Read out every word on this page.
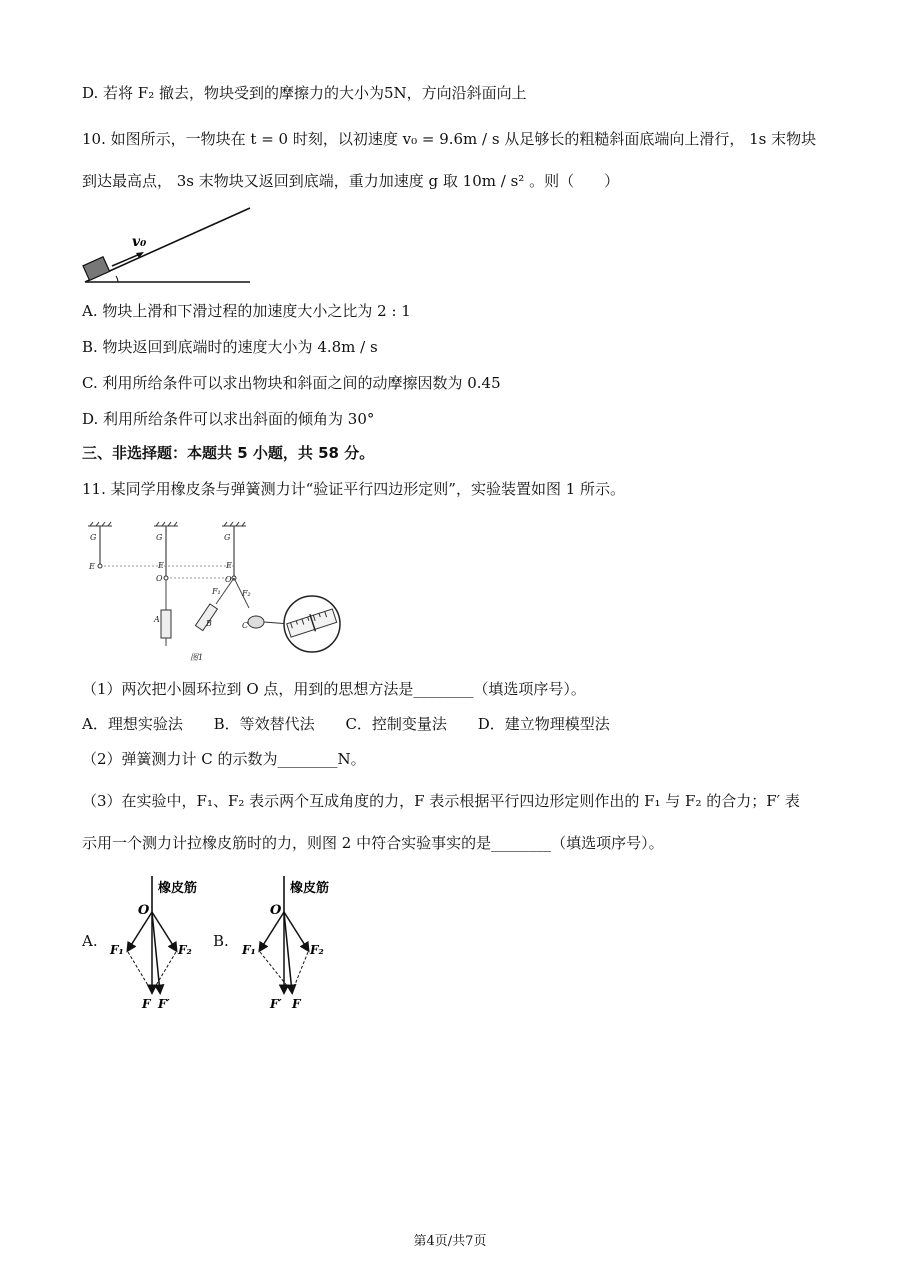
D. 若将 F₂ 撤去，物块受到的摩擦力的大小为5N，方向沿斜面向上
10. 如图所示，一物块在 t = 0 时刻，以初速度 v₀ = 9.6m / s 从足够长的粗糙斜面底端向上滑行， 1s 末物块
到达最高点， 3s 末物块又返回到底端，重力加速度 g 取 10m / s² 。则（　　）
v₀
A. 物块上滑和下滑过程的加速度大小之比为 2 : 1
B. 物块返回到底端时的速度大小为 4.8m / s
C. 利用所给条件可以求出物块和斜面之间的动摩擦因数为 0.45
D. 利用所给条件可以求出斜面的倾角为 30°
三、非选择题：本题共 5 小题，共 58 分。
11. 某同学用橡皮条与弹簧测力计“验证平行四边形定则”，实验装置如图 1 所示。
G	G	G
E	E	E
O	O
A	B	C
F₁	F₂
图1
（1）两次把小圆环拉到 O 点，用到的思想方法是________（填选项序号）。
A．理想实验法 B．等效替代法 C．控制变量法 D．建立物理模型法
（2）弹簧测力计 C 的示数为________N。
（3）在实验中，F₁、F₂ 表示两个互成角度的力，F 表示根据平行四边形定则作出的 F₁ 与 F₂ 的合力；F′ 表
示用一个测力计拉橡皮筋时的力，则图 2 中符合实验事实的是________（填选项序号）。
A.
橡皮筋
O
F₁	F₂
F F′
B.
橡皮筋
O
F₁	F₂
F′ F
第4页/共7页
